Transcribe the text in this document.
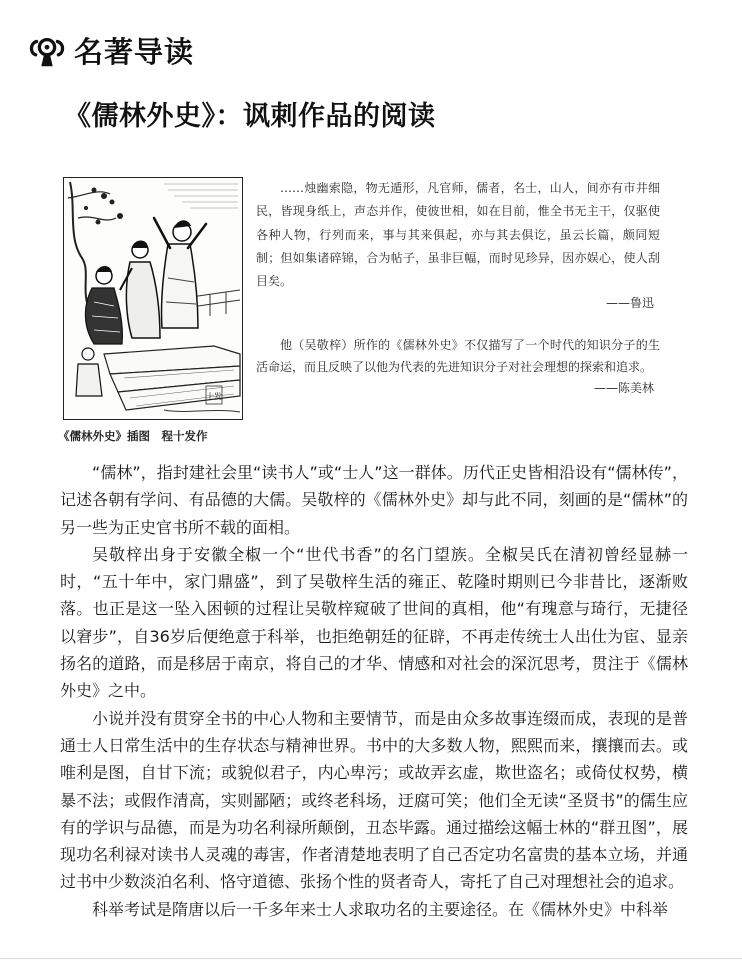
名著导读
《儒林外史》：讽刺作品的阅读
十发
《儒林外史》插图　程十发作

……烛幽索隐，物无遁形，凡官师，儒者，名士，山人，间亦有市井细民，皆现身纸上，声态并作，使彼世相，如在目前，惟全书无主干，仅驱使各种人物，行列而来，事与其来俱起，亦与其去俱讫，虽云长篇，颇同短制；但如集诸碎锦，合为帖子，虽非巨幅，而时见珍异，因亦娱心，使人刮目矣。

——鲁迅

他（吴敬梓）所作的《儒林外史》不仅描写了一个时代的知识分子的生活命运，而且反映了以他为代表的先进知识分子对社会理想的探索和追求。

——陈美林

“儒林”，指封建社会里“读书人”或“士人”这一群体。历代正史皆相沿设有“儒林传”，记述各朝有学问、有品德的大儒。吴敬梓的《儒林外史》却与此不同，刻画的是“儒林”的另一些为正史官书所不载的面相。

吴敬梓出身于安徽全椒一个“世代书香”的名门望族。全椒吴氏在清初曾经显赫一时，“五十年中，家门鼎盛”，到了吴敬梓生活的雍正、乾隆时期则已今非昔比，逐渐败落。也正是这一坠入困顿的过程让吴敬梓窥破了世间的真相，他“有瑰意与琦行，无捷径以窘步”，自36岁后便绝意于科举，也拒绝朝廷的征辟，不再走传统士人出仕为宦、显亲扬名的道路，而是移居于南京，将自己的才华、情感和对社会的深沉思考，贯注于《儒林外史》之中。

小说并没有贯穿全书的中心人物和主要情节，而是由众多故事连缀而成，表现的是普通士人日常生活中的生存状态与精神世界。书中的大多数人物，熙熙而来，攘攘而去。或唯利是图，自甘下流；或貌似君子，内心卑污；或故弄玄虚，欺世盗名；或倚仗权势，横暴不法；或假作清高，实则鄙陋；或终老科场，迂腐可笑；他们全无读“圣贤书”的儒生应有的学识与品德，而是为功名利禄所颠倒，丑态毕露。通过描绘这幅士林的“群丑图”，展现功名利禄对读书人灵魂的毒害，作者清楚地表明了自己否定功名富贵的基本立场，并通过书中少数淡泊名利、恪守道德、张扬个性的贤者奇人，寄托了自己对理想社会的追求。

科举考试是隋唐以后一千多年来士人求取功名的主要途径。在《儒林外史》中科举
